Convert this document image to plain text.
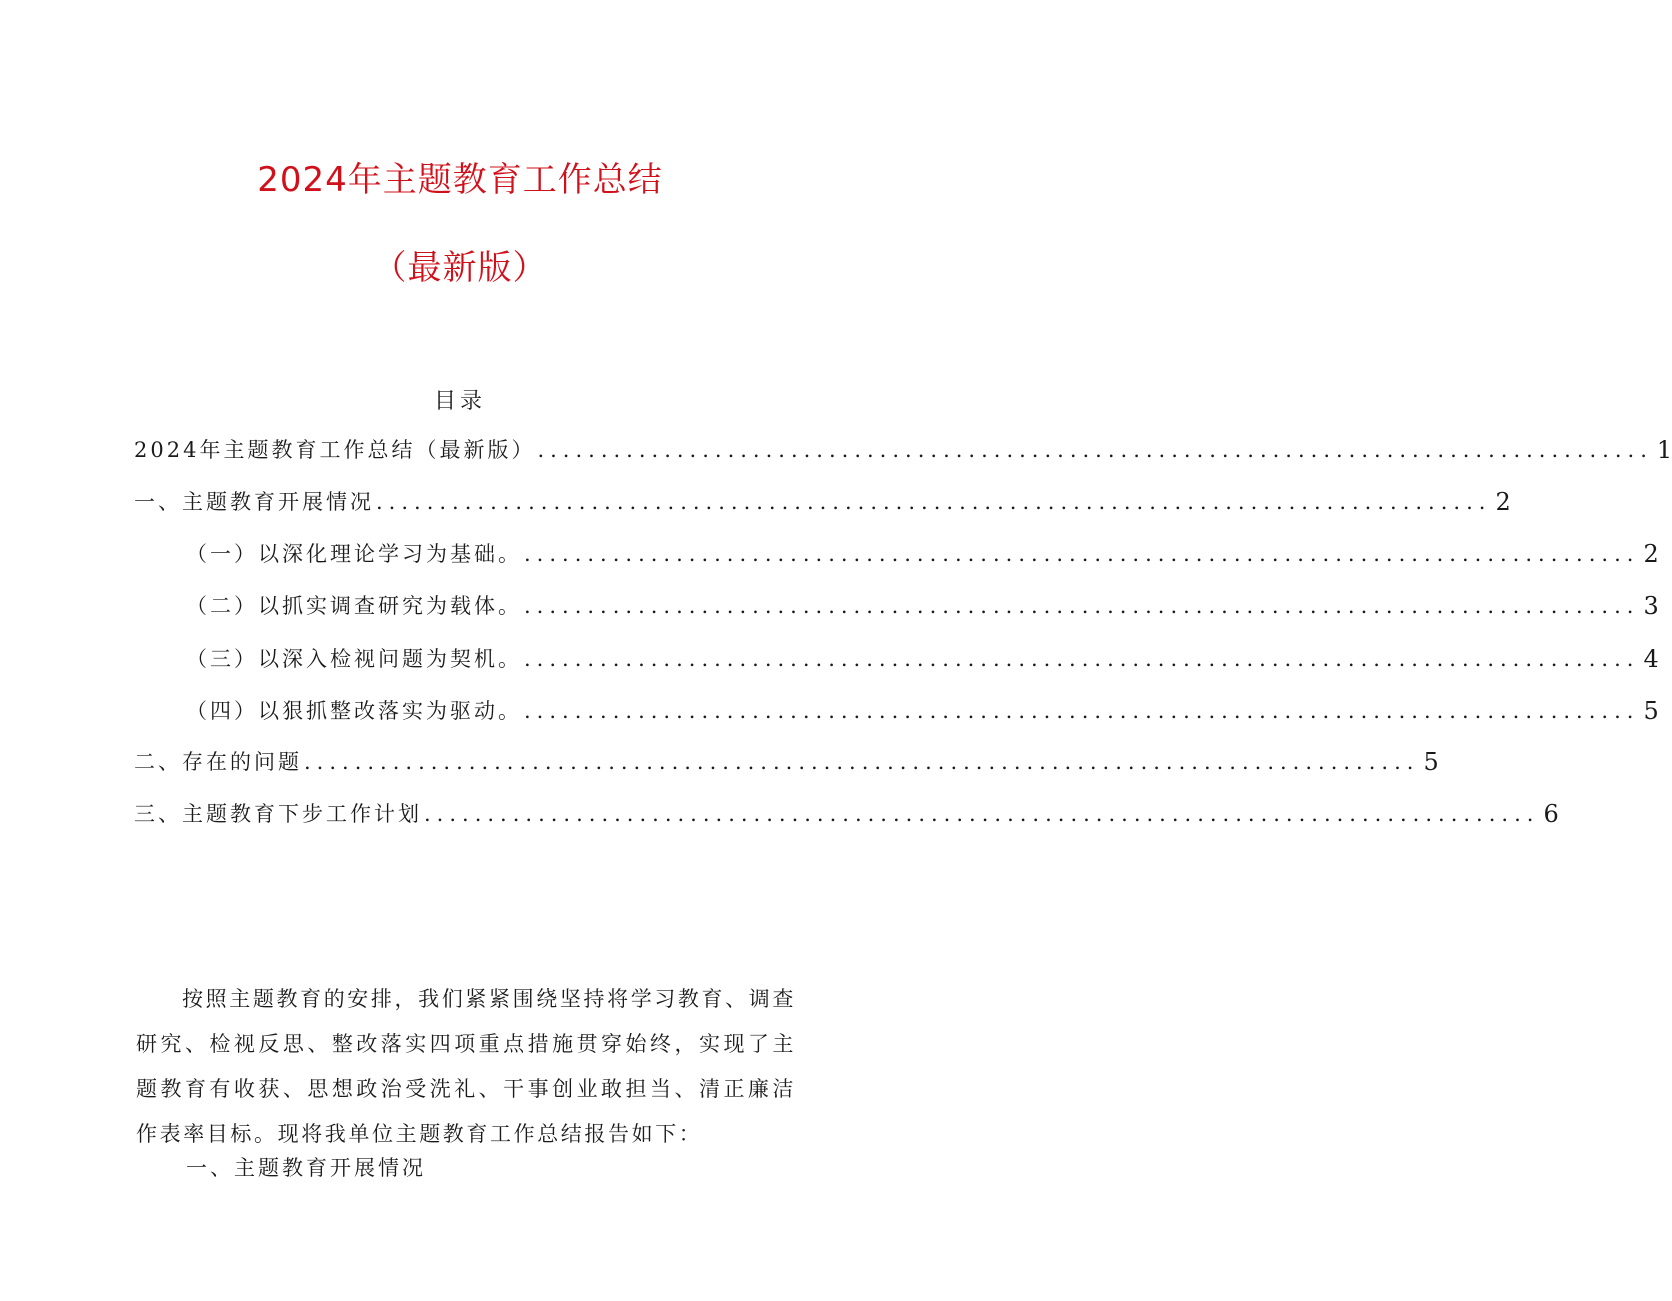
2024年主题教育工作总结
（最新版）
目录
2024年主题教育工作总结（最新版） ........................................................................................ 1
一、主题教育开展情况 ........................................................................................ 2
（一）以深化理论学习为基础。 ........................................................................................ 2
（二）以抓实调查研究为载体。 ........................................................................................ 3
（三）以深入检视问题为契机。 ........................................................................................ 4
（四）以狠抓整改落实为驱动。 ........................................................................................ 5
二、存在的问题 ........................................................................................ 5
三、主题教育下步工作计划 ........................................................................................ 6

按照主题教育的安排，我们紧紧围绕坚持将学习教育、调查研究、检视反思、整改落实四项重点措施贯穿始终，实现了主题教育有收获、思想政治受洗礼、干事创业敢担当、清正廉洁作表率目标。现将我单位主题教育工作总结报告如下：

一、主题教育开展情况
